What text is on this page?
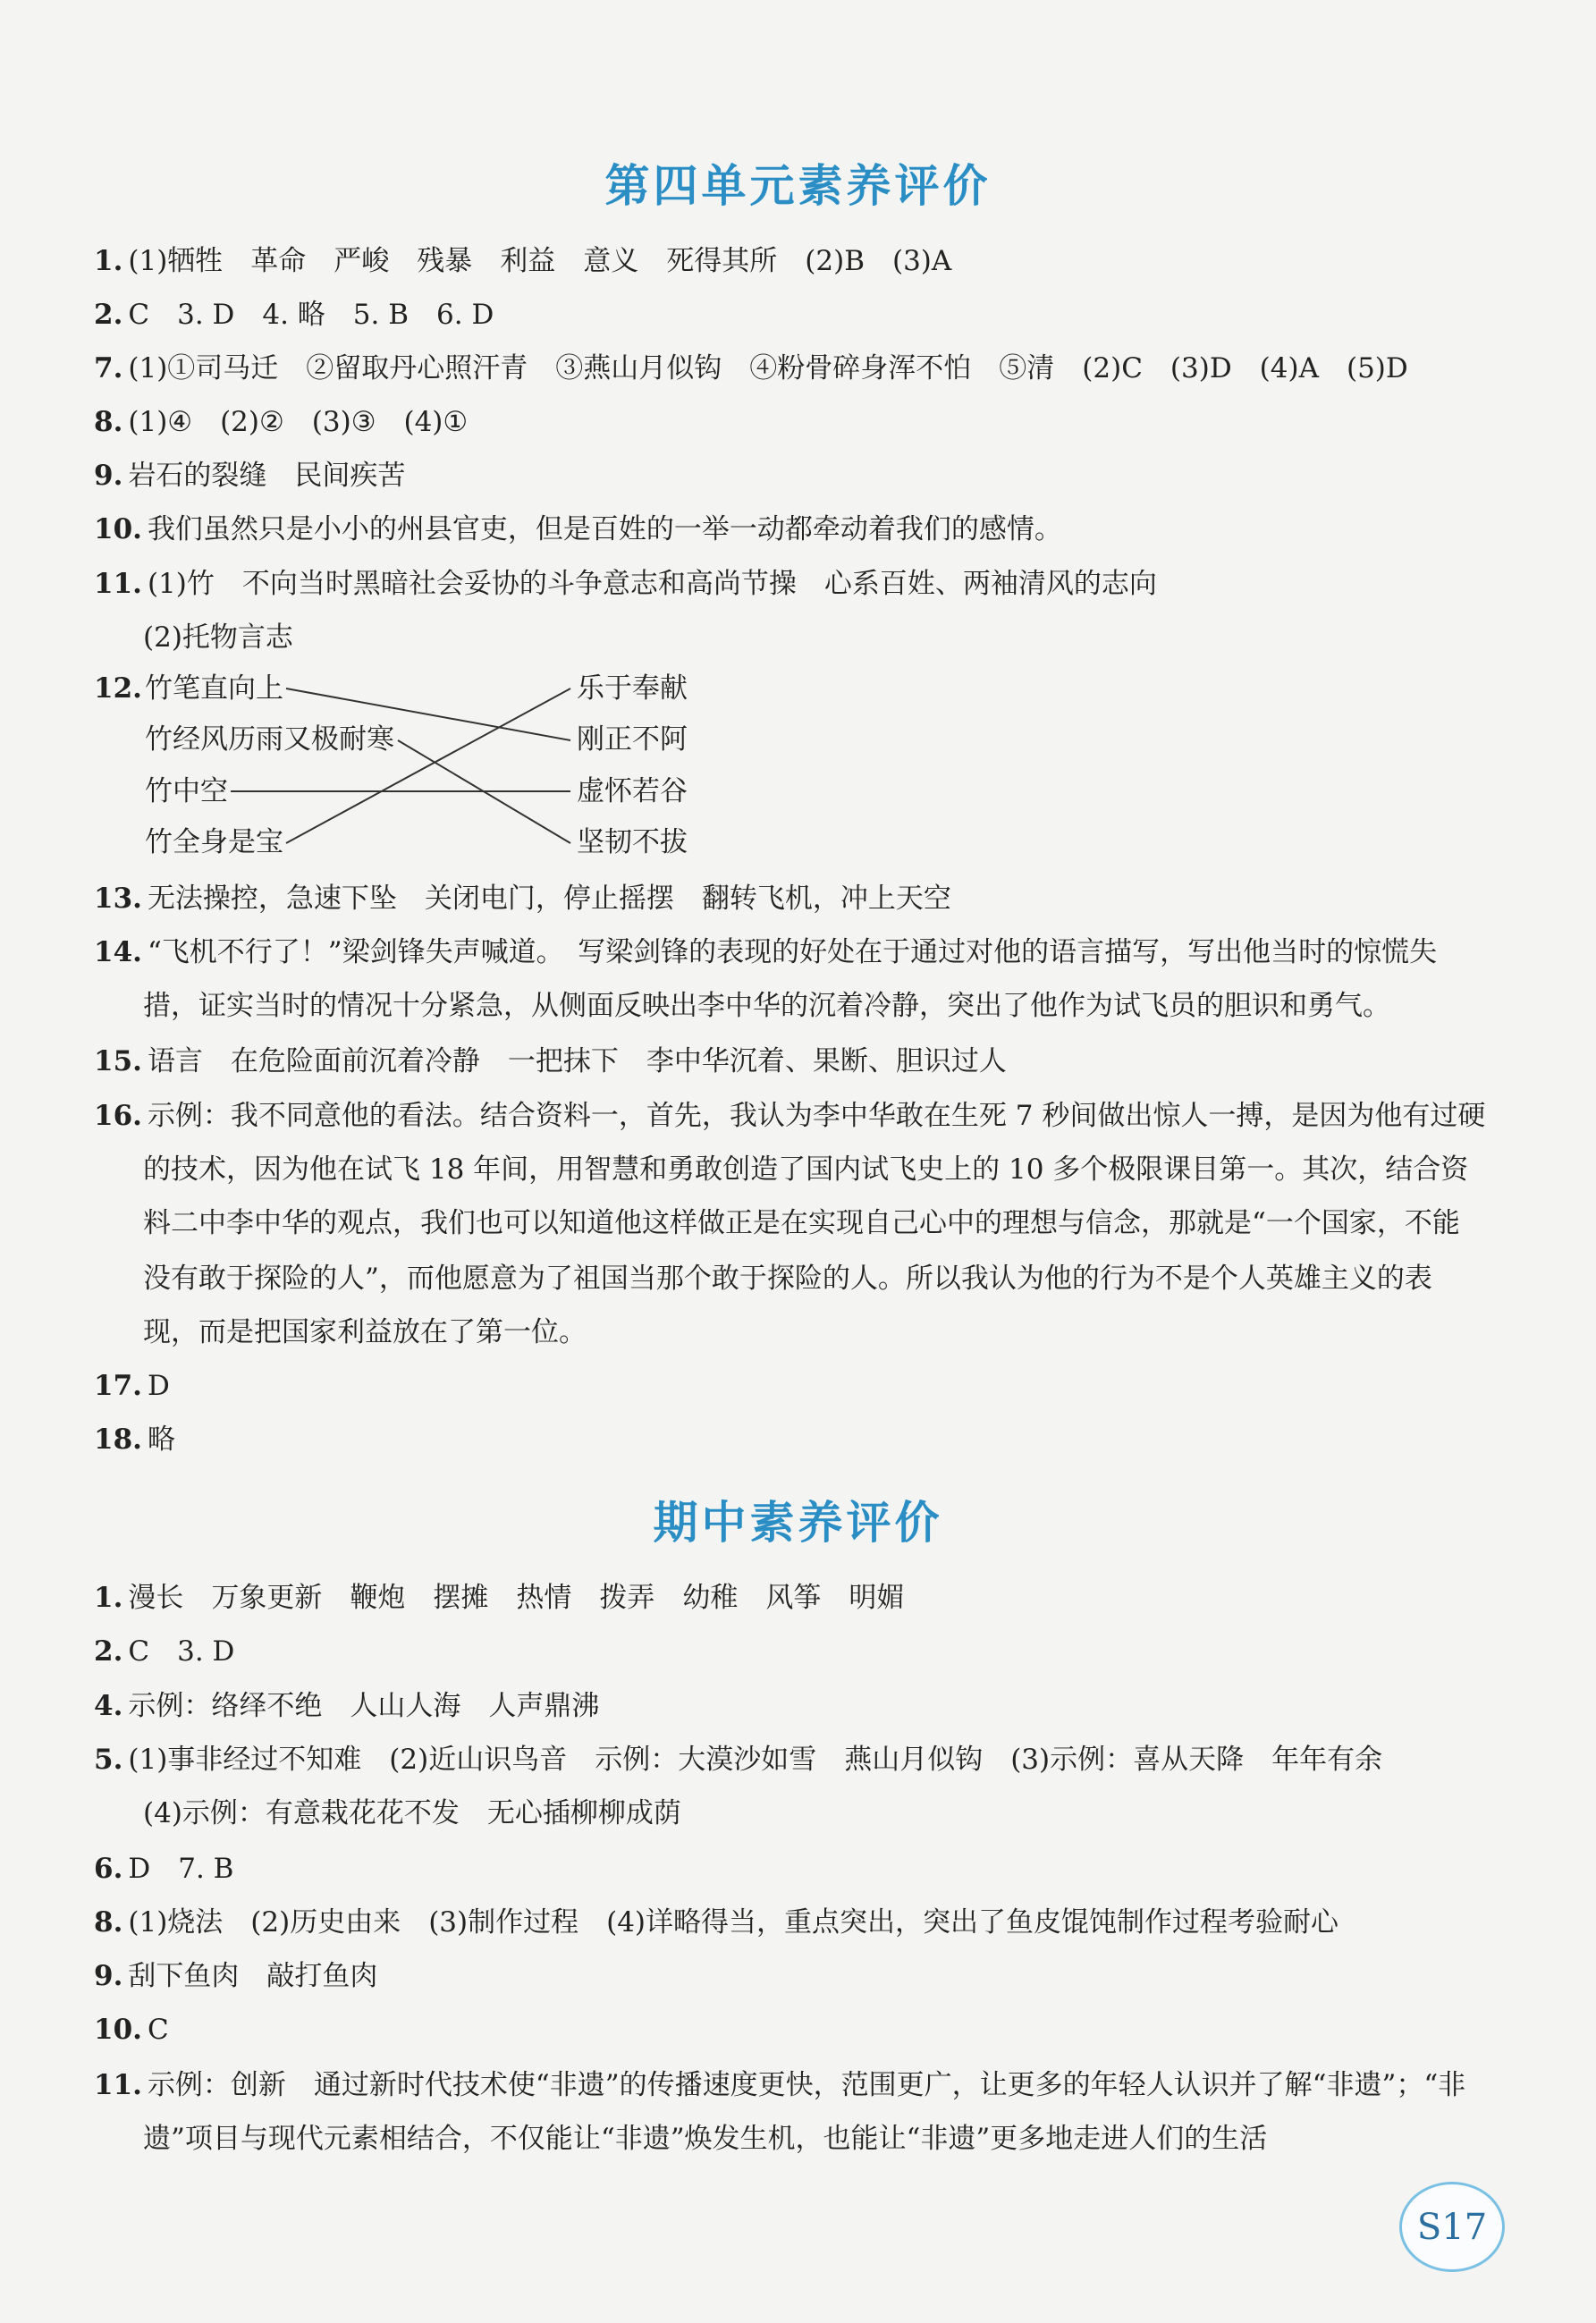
第四单元素养评价
1. (1)牺牲　革命　严峻　残暴　利益　意义　死得其所　(2)B　(3)A
2. C　3. D　4. 略　5. B　6. D
7. (1)①司马迁　②留取丹心照汗青　③燕山月似钩　④粉骨碎身浑不怕　⑤清　(2)C　(3)D　(4)A　(5)D
8. (1)④　(2)②　(3)③　(4)①
9. 岩石的裂缝　民间疾苦
10. 我们虽然只是小小的州县官吏，但是百姓的一举一动都牵动着我们的感情。
11. (1)竹　不向当时黑暗社会妥协的斗争意志和高尚节操　心系百姓、两袖清风的志向
(2)托物言志
12. 竹笔直向上
竹经风历雨又极耐寒
竹中空
竹全身是宝
乐于奉献
刚正不阿
虚怀若谷
坚韧不拔
13. 无法操控，急速下坠　关闭电门，停止摇摆　翻转飞机，冲上天空
14. “飞机不行了！”梁剑锋失声喊道。　写梁剑锋的表现的好处在于通过对他的语言描写，写出他当时的惊慌失
措，证实当时的情况十分紧急，从侧面反映出李中华的沉着冷静，突出了他作为试飞员的胆识和勇气。
15. 语言　在危险面前沉着冷静　一把抹下　李中华沉着、果断、胆识过人
16. 示例：我不同意他的看法。结合资料一，首先，我认为李中华敢在生死 7 秒间做出惊人一搏，是因为他有过硬
的技术，因为他在试飞 18 年间，用智慧和勇敢创造了国内试飞史上的 10 多个极限课目第一。其次，结合资
料二中李中华的观点，我们也可以知道他这样做正是在实现自己心中的理想与信念，那就是“一个国家，不能
没有敢于探险的人”，而他愿意为了祖国当那个敢于探险的人。所以我认为他的行为不是个人英雄主义的表
现，而是把国家利益放在了第一位。
17. D
18. 略
期中素养评价
1. 漫长　万象更新　鞭炮　摆摊　热情　拨弄　幼稚　风筝　明媚
2. C　3. D
4. 示例：络绎不绝　人山人海　人声鼎沸
5. (1)事非经过不知难　(2)近山识鸟音　示例：大漠沙如雪　燕山月似钩　(3)示例：喜从天降　年年有余
(4)示例：有意栽花花不发　无心插柳柳成荫
6. D　7. B
8. (1)烧法　(2)历史由来　(3)制作过程　(4)详略得当，重点突出，突出了鱼皮馄饨制作过程考验耐心
9. 刮下鱼肉　敲打鱼肉
10. C
11. 示例：创新　通过新时代技术使“非遗”的传播速度更快，范围更广，让更多的年轻人认识并了解“非遗”；“非
遗”项目与现代元素相结合，不仅能让“非遗”焕发生机，也能让“非遗”更多地走进人们的生活
S17
